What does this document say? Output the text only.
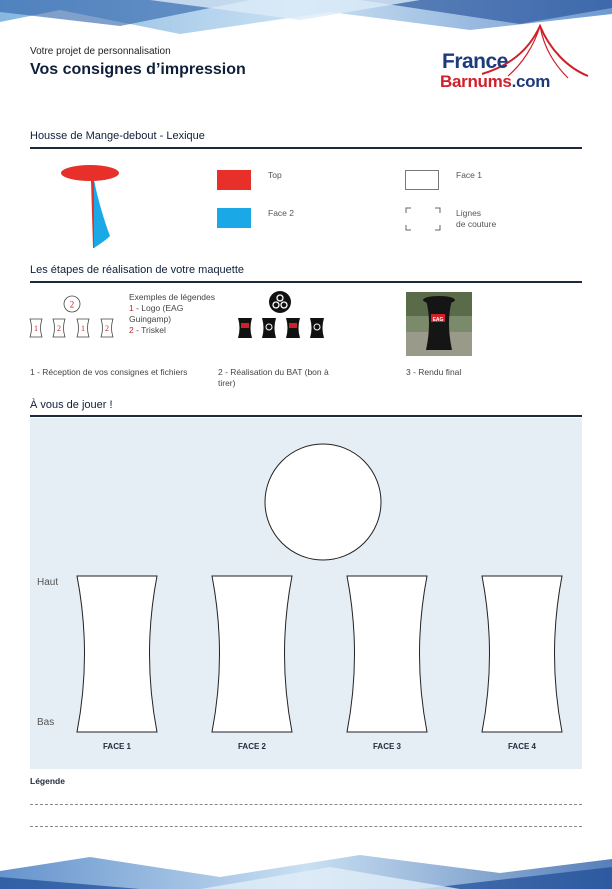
Votre projet de personnalisation
Vos consignes d’impression	France
Barnums.com
Housse de Mange-debout - Lexique
Top	Face 1
Face 2	Lignes
de couture
Les étapes de réalisation de votre maquette
2
1 2	1	2
Exemples de légendes
1 - Logo (EAG Guingamp)
2 - Triskel
EAG
1 - Réception de vos consignes et fichiers	2 - Réalisation du BAT (bon à tirer)
3 - Rendu final
À vous de jouer !
Haut
Bas
FACE 1	FACE 2	FACE 3	FACE 4
Légende
